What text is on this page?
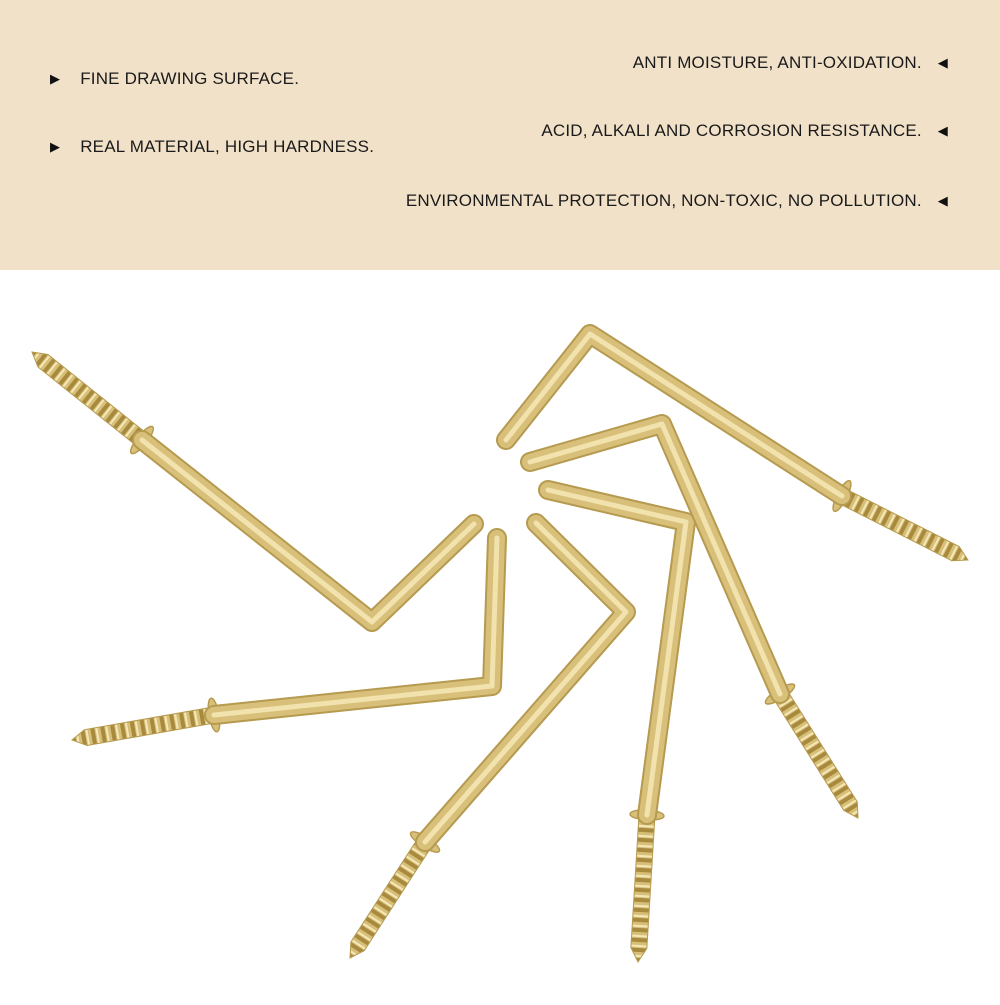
▶ FINE DRAWING SURFACE.
▶ REAL MATERIAL, HIGH HARDNESS.
ANTI MOISTURE, ANTI-OXIDATION. ◀
ACID, ALKALI AND CORROSION RESISTANCE. ◀
ENVIRONMENTAL PROTECTION, NON-TOXIC, NO POLLUTION. ◀
